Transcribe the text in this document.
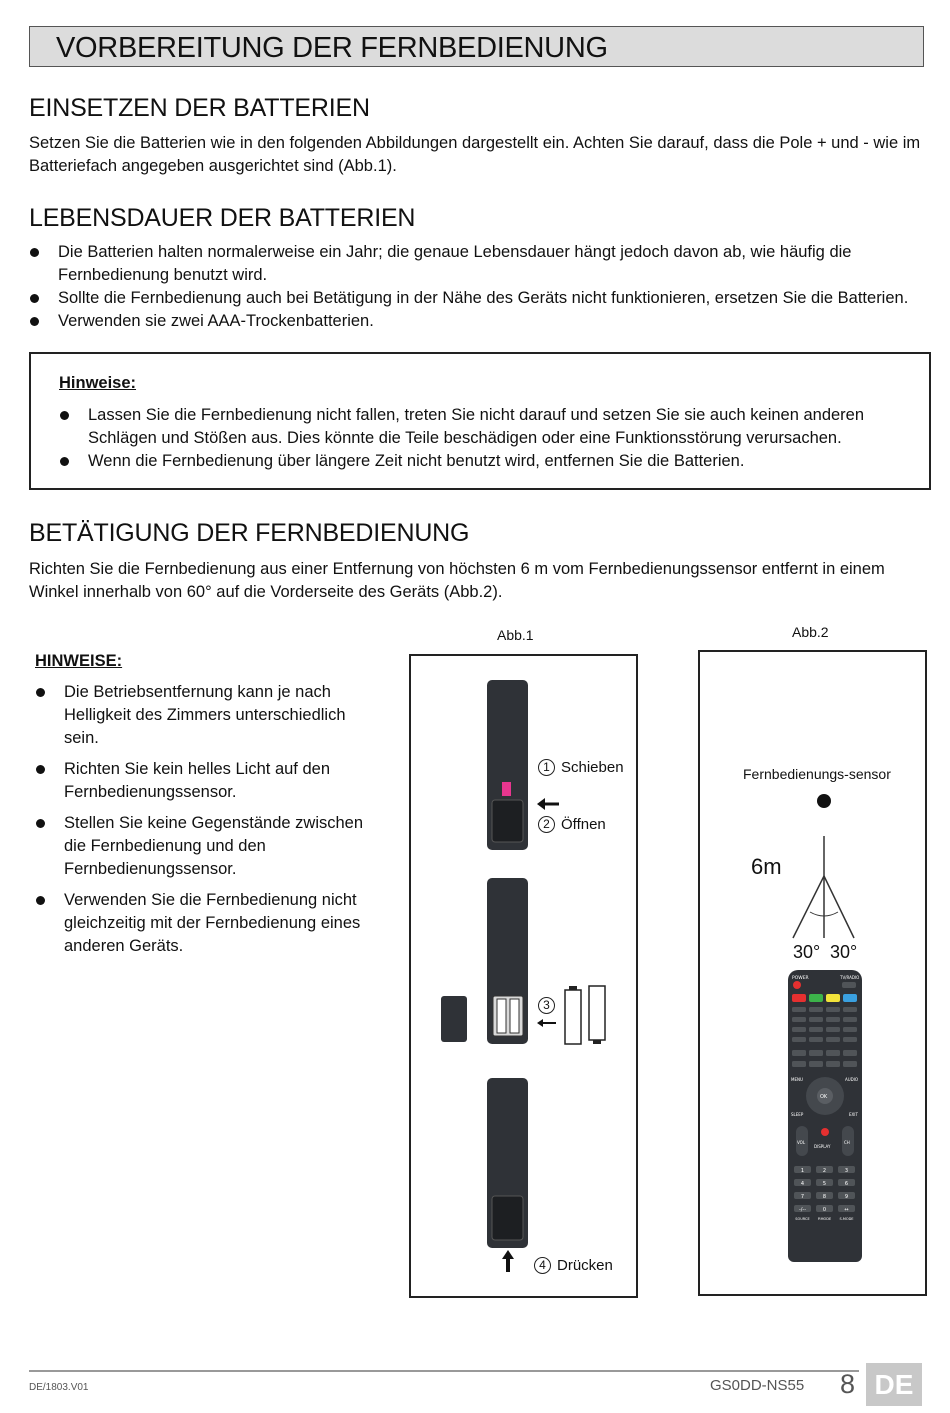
VORBEREITUNG DER FERNBEDIENUNG
EINSETZEN DER BATTERIEN

Setzen Sie die Batterien wie in den folgenden Abbildungen dargestellt ein. Achten Sie darauf, dass die Pole + und - wie im
Batteriefach angegeben ausgerichtet sind (Abb.1).

LEBENSDAUER DER BATTERIEN
Die Batterien halten normalerweise ein Jahr; die genaue Lebensdauer hängt jedoch davon ab, wie häufig die Fernbedienung benutzt wird.
Sollte die Fernbedienung auch bei Betätigung in der Nähe des Geräts nicht funktionieren, ersetzen Sie die Batterien.
Verwenden sie zwei AAA-Trockenbatterien.
Hinweise:
Lassen Sie die Fernbedienung nicht fallen, treten Sie nicht darauf und setzen Sie sie auch keinen anderen Schlägen und Stößen aus. Dies könnte die Teile beschädigen oder eine Funktionsstörung verursachen.
Wenn die Fernbedienung über längere Zeit nicht benutzt wird, entfernen Sie die Batterien.
BETÄTIGUNG DER FERNBEDIENUNG

Richten Sie die Fernbedienung aus einer Entfernung von höchsten 6 m vom Fernbedienungssensor entfernt in einem
Winkel innerhalb von 60° auf die Vorderseite des Geräts (Abb.2).

HINWEISE:
Die Betriebsentfernung kann je nach Helligkeit des Zimmers unterschiedlich sein.
Richten Sie kein helles Licht auf den Fernbedienungssensor.
Stellen Sie keine Gegenstände zwischen die Fernbedienung und den Fernbedienungssensor.
Verwenden Sie die Fernbedienung nicht gleichzeitig mit der Fernbedienung eines anderen Geräts.
Abb.1
1 Schieben
2 Öffnen
3
4 Drücken
Abb.2
Fernbedienungs-sensor
6m
30° 30°
POWER	TV/RADIO
OK
MENU	AUDIO
SLEEP	EXIT
VOL	CH
DISPLAY
1	2	3
4	5	6
7	8	9
-/--	0	↔
SOURCE P.MODE S.MODE
DE/1803.V01	GS0DD-NS55 8 DE
